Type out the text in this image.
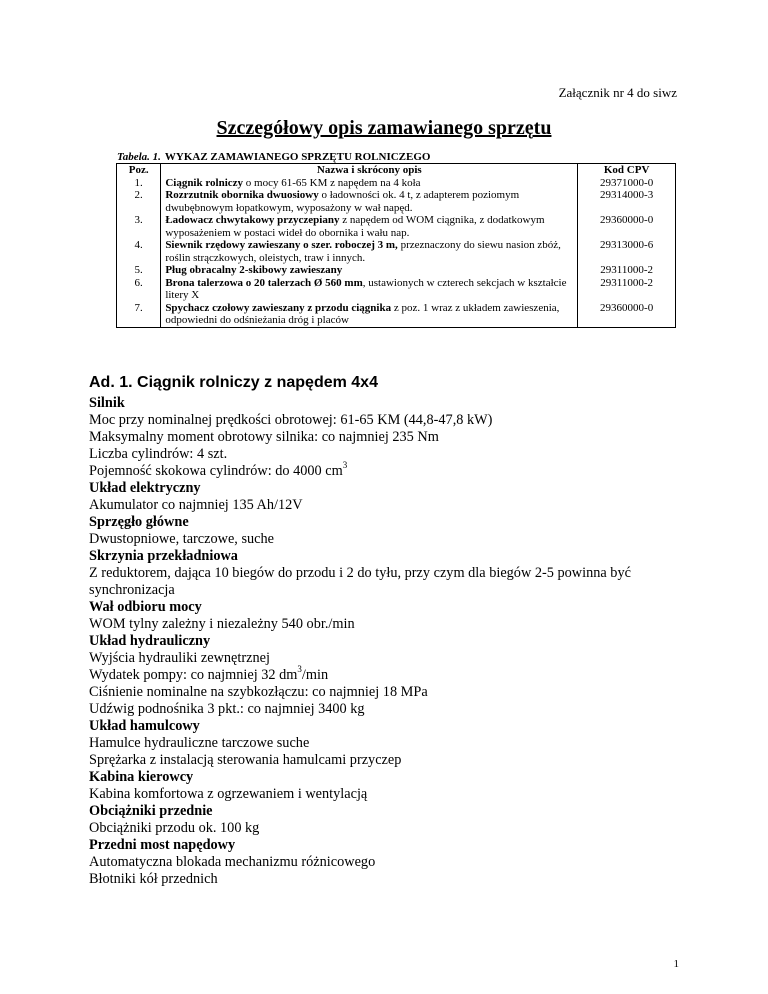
Załącznik nr 4 do siwz
Szczegółowy opis zamawianego sprzętu
Tabela. 1. WYKAZ ZAMAWIANEGO SPRZĘTU ROLNICZEGO
Poz.	Nazwa i skrócony opis	Kod CPV
1.	Ciągnik rolniczy o mocy 61-65 KM z napędem na 4 koła	29371000-0
2.	Rozrzutnik obornika dwuosiowy o ładowności ok. 4 t, z adapterem poziomym dwubębnowym łopatkowym, wyposażony w wał napęd.	29314000-3
3.	Ładowacz chwytakowy przyczepiany z napędem od WOM ciągnika, z dodatkowym wyposażeniem w postaci wideł do obornika i wału nap.	29360000-0
4.	Siewnik rzędowy zawieszany o szer. roboczej 3 m, przeznaczony do siewu nasion zbóż, roślin strączkowych, oleistych, traw i innych.	29313000-6
5.	Pług obracalny 2-skibowy zawieszany	29311000-2
6.	Brona talerzowa o 20 talerzach Ø 560 mm, ustawionych w czterech sekcjach w kształcie litery X	29311000-2
7.	Spychacz czołowy zawieszany z przodu ciągnika z poz. 1 wraz z układem zawieszenia, odpowiedni do odśnieżania dróg i placów	29360000-0
Ad. 1. Ciągnik rolniczy z napędem 4x4
Silnik
Moc przy nominalnej prędkości obrotowej: 61-65 KM (44,8-47,8 kW)
Maksymalny moment obrotowy silnika: co najmniej 235 Nm
Liczba cylindrów: 4 szt.
Pojemność skokowa cylindrów: do 4000 $cm^3$
Układ elektryczny
Akumulator co najmniej 135 Ah/12V
Sprzęgło główne
Dwustopniowe, tarczowe, suche
Skrzynia przekładniowa
Z reduktorem, dająca 10 biegów do przodu i 2 do tyłu, przy czym dla biegów 2-5 powinna być synchronizacja
Wał odbioru mocy
WOM tylny zależny i niezależny 540 obr./min
Układ hydrauliczny
Wyjścia hydrauliki zewnętrznej
Wydatek pompy: co najmniej 32 $dm^3/\min$
Ciśnienie nominalne na szybkozłączu: co najmniej 18 MPa
Udźwig podnośnika 3 pkt.: co najmniej 3400 kg
Układ hamulcowy
Hamulce hydrauliczne tarczowe suche
Sprężarka z instalacją sterowania hamulcami przyczep
Kabina kierowcy
Kabina komfortowa z ogrzewaniem i wentylacją
Obciążniki przednie
Obciążniki przodu ok. 100 kg
Przedni most napędowy
Automatyczna blokada mechanizmu różnicowego
Błotniki kół przednich
1
